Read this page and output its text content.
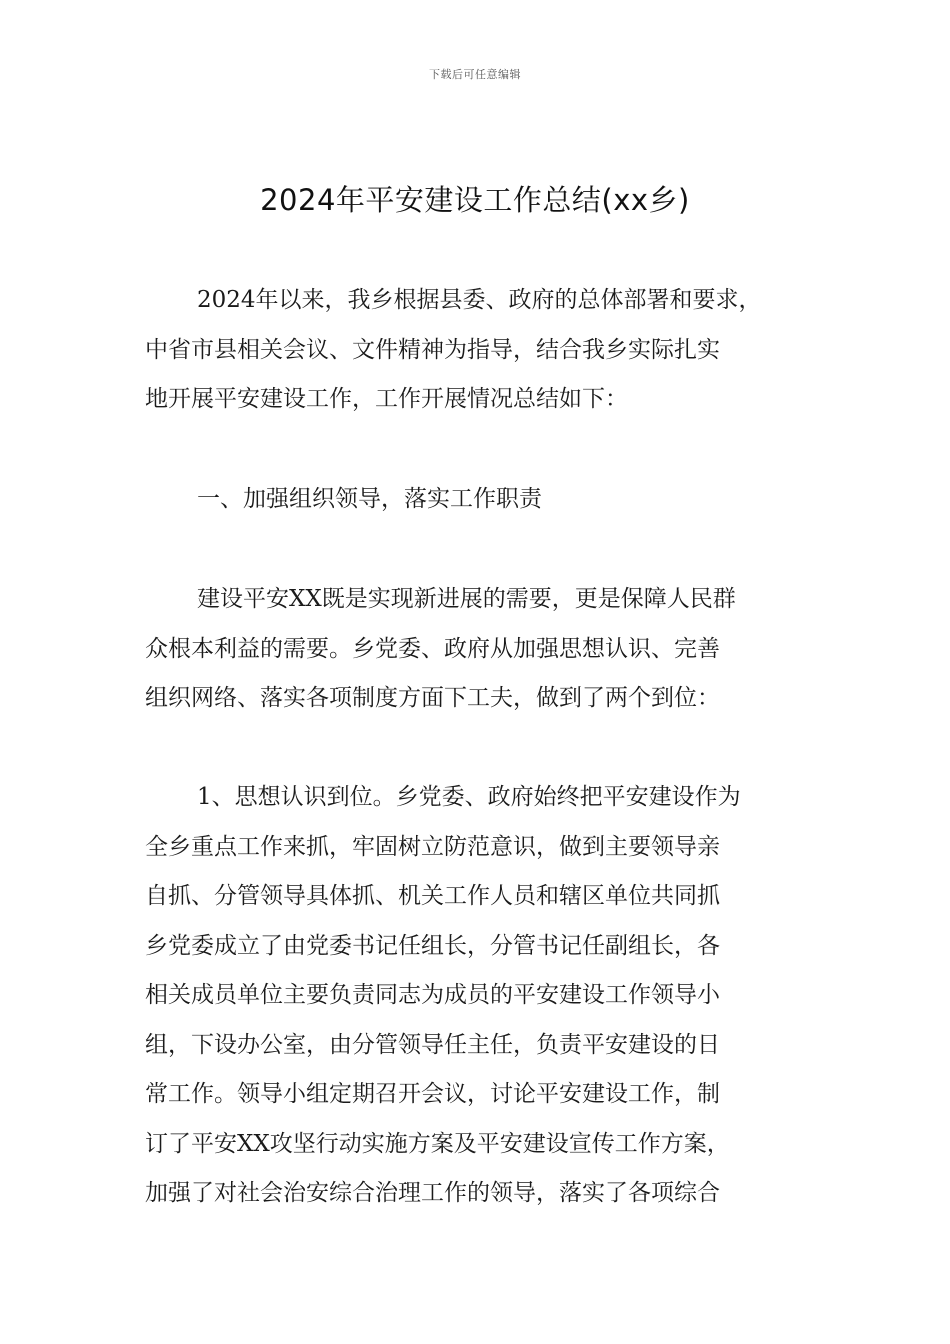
下载后可任意编辑
2024年平安建设工作总结(xx乡)
2024年以来，我乡根据县委、政府的总体部署和要求，
中省市县相关会议、文件精神为指导，结合我乡实际扎实
地开展平安建设工作，工作开展情况总结如下：
一、加强组织领导，落实工作职责
建设平安XX既是实现新进展的需要，更是保障人民群
众根本利益的需要。乡党委、政府从加强思想认识、完善
组织网络、落实各项制度方面下工夫，做到了两个到位：
1、思想认识到位。乡党委、政府始终把平安建设作为
全乡重点工作来抓，牢固树立防范意识，做到主要领导亲
自抓、分管领导具体抓、机关工作人员和辖区单位共同抓
乡党委成立了由党委书记任组长，分管书记任副组长，各
相关成员单位主要负责同志为成员的平安建设工作领导小
组，下设办公室，由分管领导任主任，负责平安建设的日
常工作。领导小组定期召开会议，讨论平安建设工作，制
订了平安XX攻坚行动实施方案及平安建设宣传工作方案，
加强了对社会治安综合治理工作的领导，落实了各项综合
